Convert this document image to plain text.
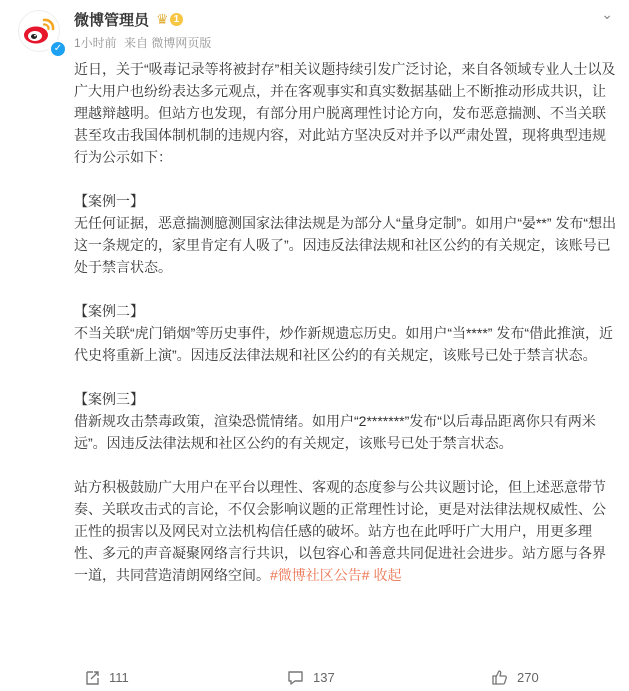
✓
微博管理员 ♛ 1
1小时前 来自 微博网页版
⌄

近日，关于“吸毒记录等将被封存”相关议题持续引发广泛讨论，来自各领域专业人士以及广大用户也纷纷表达多元观点，并在客观事实和真实数据基础上不断推动形成共识，让理越辩越明。但站方也发现，有部分用户脱离理性讨论方向，发布恶意揣测、不当关联甚至攻击我国体制机制的违规内容，对此站方坚决反对并予以严肃处置，现将典型违规行为公示如下：

【案例一】

无任何证据，恶意揣测臆测国家法律法规是为部分人“量身定制”。如用户“晏**” 发布“想出这一条规定的，家里肯定有人吸了”。因违反法律法规和社区公约的有关规定，该账号已处于禁言状态。

【案例二】

不当关联“虎门销烟”等历史事件，炒作新规遗忘历史。如用户“当****” 发布“借此推演，近代史将重新上演”。因违反法律法规和社区公约的有关规定，该账号已处于禁言状态。

【案例三】

借新规攻击禁毒政策，渲染恐慌情绪。如用户“2*******”发布“以后毒品距离你只有两米远”。因违反法律法规和社区公约的有关规定，该账号已处于禁言状态。

站方积极鼓励广大用户在平台以理性、客观的态度参与公共议题讨论，但上述恶意带节奏、关联攻击式的言论，不仅会影响议题的正常理性讨论，更是对法律法规权威性、公正性的损害以及网民对立法机构信任感的破坏。站方也在此呼吁广大用户，用更多理性、多元的声音凝聚网络言行共识，以包容心和善意共同促进社会进步。站方愿与各界一道，共同营造清朗网络空间。#微博社区公告# 收起

111	137	270
